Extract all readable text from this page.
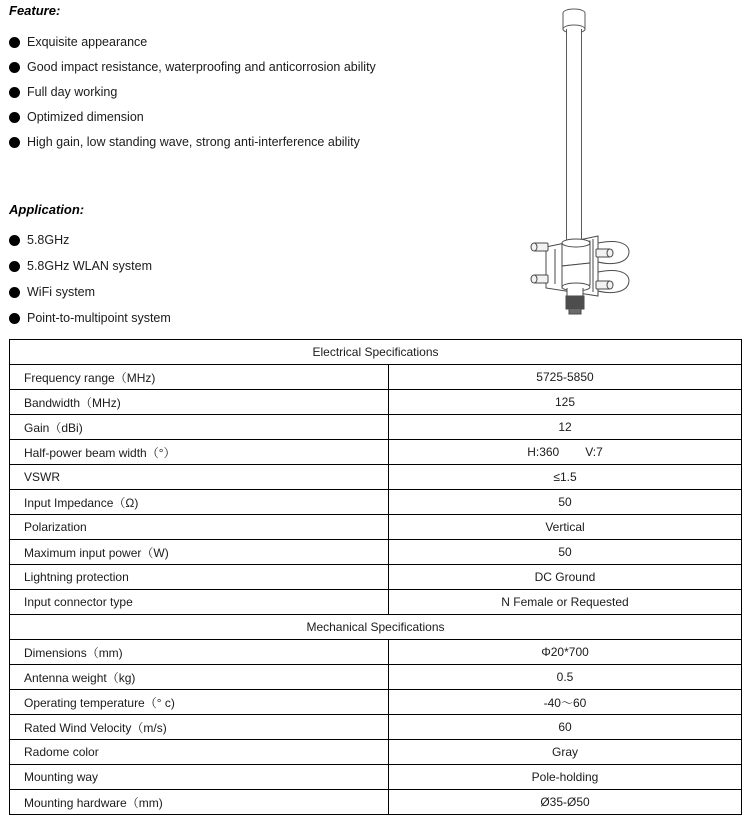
Feature:
Exquisite appearance
Good impact resistance, waterproofing and anticorrosion ability
Full day working
Optimized dimension
High gain, low standing wave, strong anti-interference ability
Application:
5.8GHz
5.8GHz WLAN system
WiFi system
Point-to-multipoint system
Electrical Specifications	
Frequency range（MHz)	5725-5850
Bandwidth（MHz)	125
Gain（dBi)	12
Half-power beam width（°）	H:360 V:7
VSWR	≤1.5
Input Impedance（Ω)	50
Polarization	Vertical
Maximum input power（W)	50
Lightning protection	DC Ground
Input connector type	N Female or Requested
Mechanical Specifications	
Dimensions（mm)	Φ20*700
Antenna weight（kg)	0.5
Operating temperature（° c)	-40〜60
Rated Wind Velocity（m/s)	60
Radome color	Gray
Mounting way	Pole-holding
Mounting hardware（mm)	Ø35-Ø50
